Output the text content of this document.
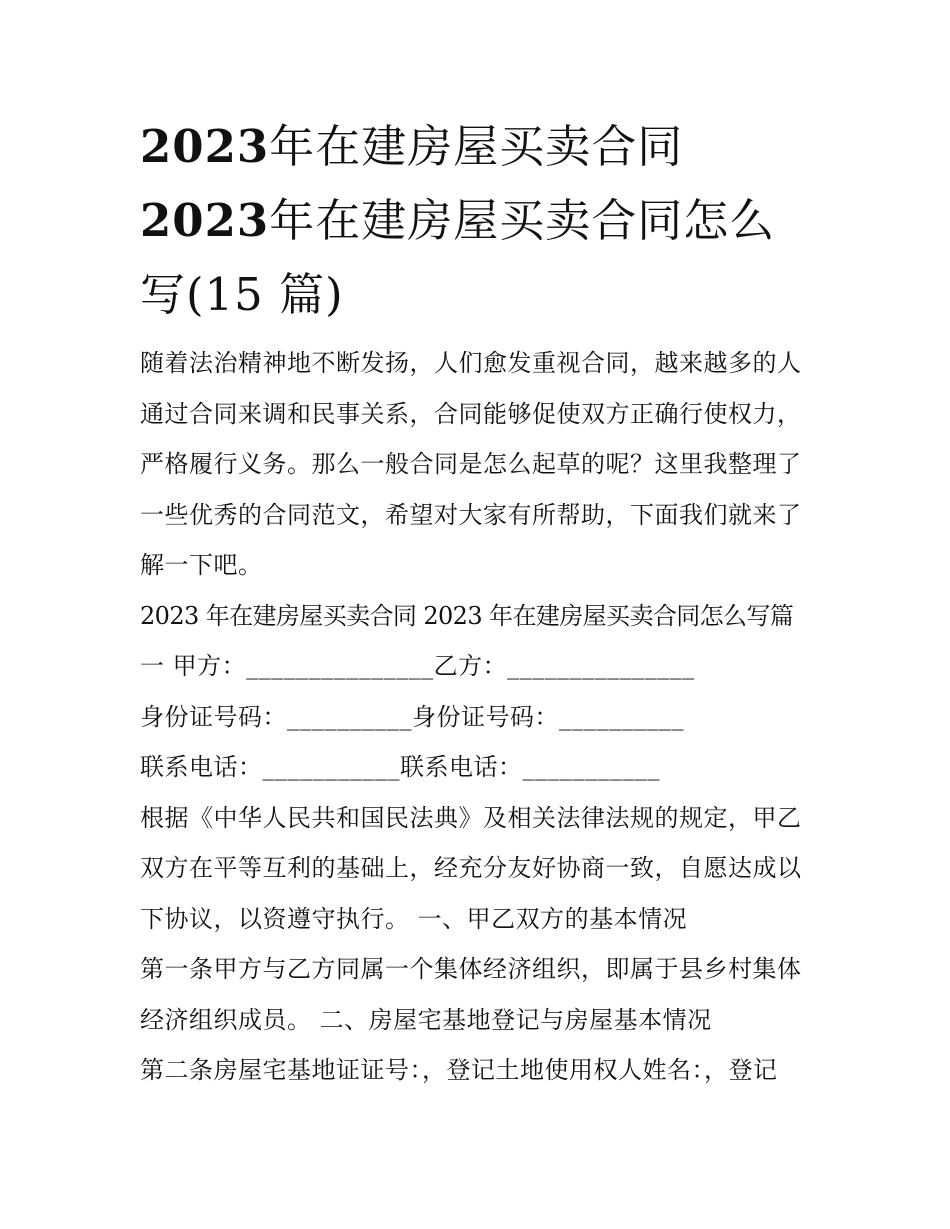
2023年在建房屋买卖合同
2023年在建房屋买卖合同怎么
写(15 篇)

随着法治精神地不断发扬，人们愈发重视合同，越来越多的人
通过合同来调和民事关系，合同能够促使双方正确行使权力，
严格履行义务。那么一般合同是怎么起草的呢？这里我整理了
一些优秀的合同范文，希望对大家有所帮助，下面我们就来了
解一下吧。

2023 年在建房屋买卖合同 2023 年在建房屋买卖合同怎么写篇
一 甲方：_______________乙方：_______________

身份证号码：__________身份证号码：__________
联系电话：___________联系电话：___________

根据《中华人民共和国民法典》及相关法律法规的规定，甲乙
双方在平等互利的基础上，经充分友好协商一致，自愿达成以
下协议，以资遵守执行。 一、甲乙双方的基本情况
第一条甲方与乙方同属一个集体经济组织，即属于县乡村集体
经济组织成员。 二、房屋宅基地登记与房屋基本情况
第二条房屋宅基地证证号：，登记土地使用权人姓名：，登记
